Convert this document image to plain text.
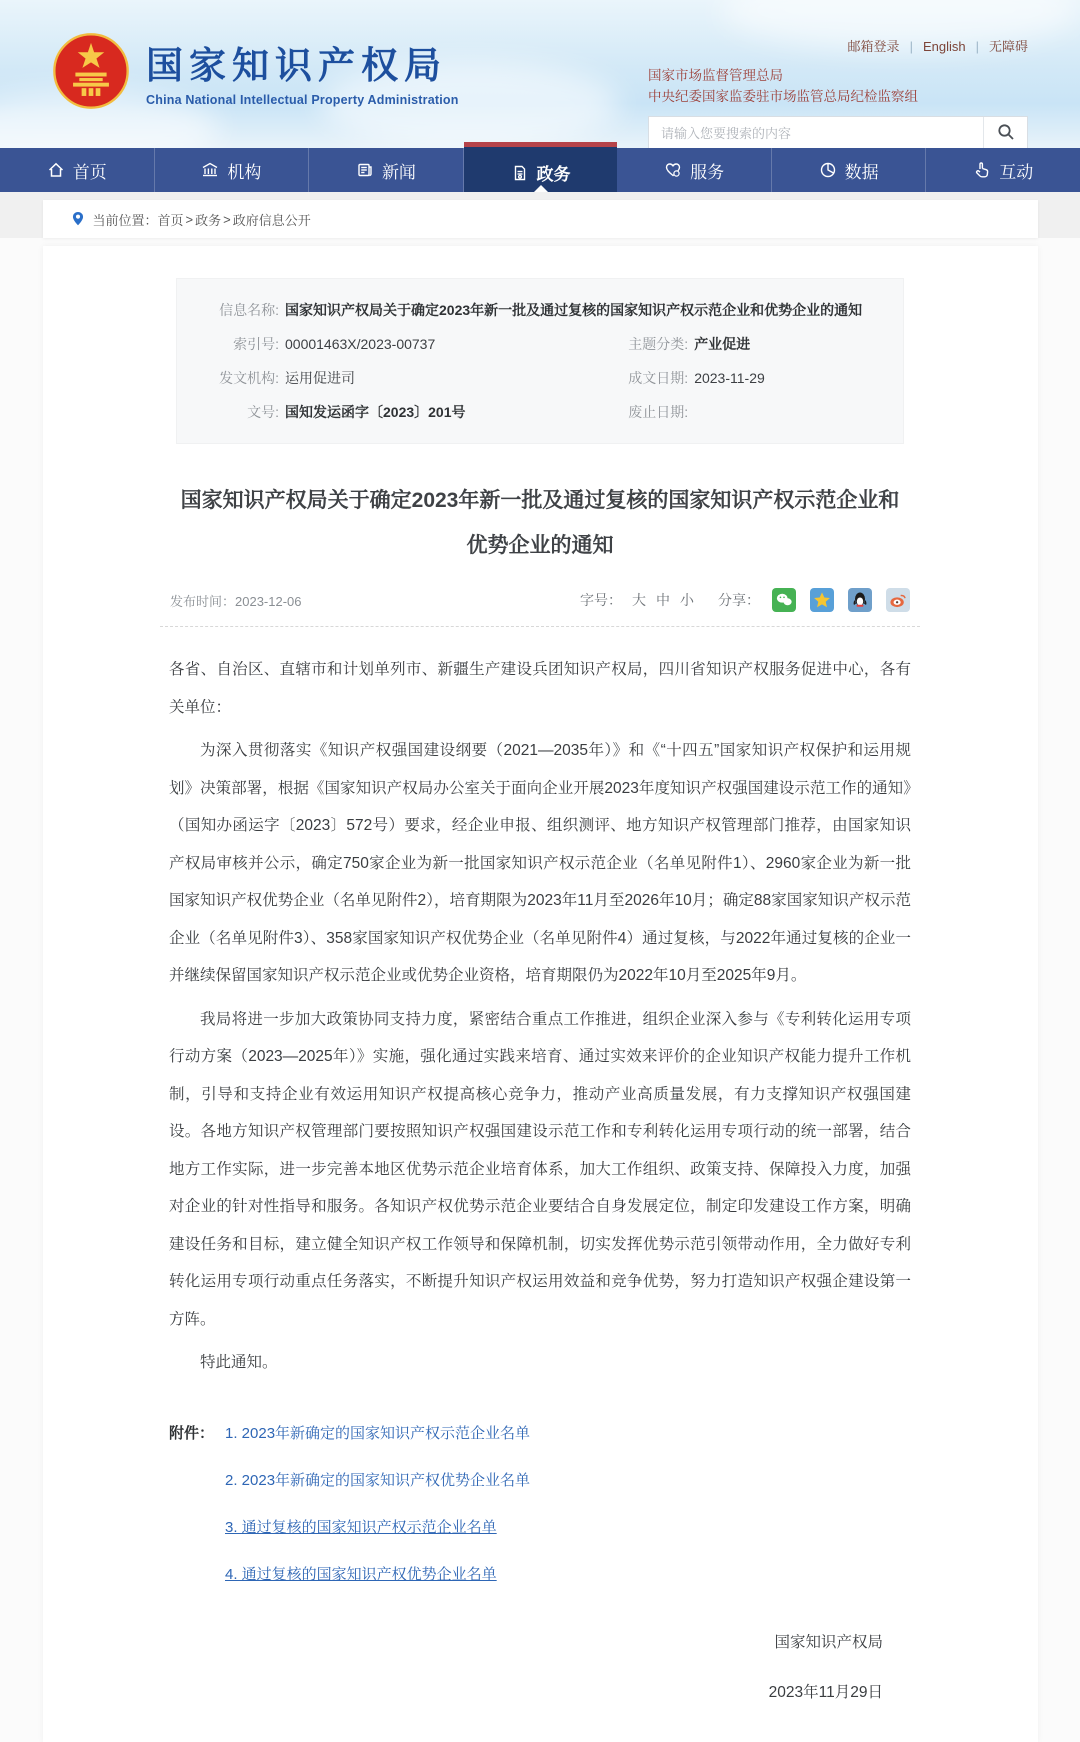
国家知识产权局
China National Intellectual Property Administration
邮箱登录 | English | 无障碍
国家市场监督管理总局
中央纪委国家监委驻市场监管总局纪检监察组
请输入您要搜索的内容
首页	机构	新闻	政务	服务	数据	互动
当前位置： 首页 > 政务 > 政府信息公开
信息名称: 国家知识产权局关于确定2023年新一批及通过复核的国家知识产权示范企业和优势企业的通知
索引号: 00001463X/2023-00737	主题分类: 产业促进
发文机构: 运用促进司	成文日期: 2023-11-29
文号: 国知发运函字〔2023〕201号	废止日期:
国家知识产权局关于确定2023年新一批及通过复核的国家知识产权示范企业和优势企业的通知
发布时间：2023-12-06	字号： 大 中 小 分享：

各省、自治区、直辖市和计划单列市、新疆生产建设兵团知识产权局，四川省知识产权服务促进中心，各有关单位：

为深入贯彻落实《知识产权强国建设纲要（2021—2035年）》和《“十四五”国家知识产权保护和运用规划》决策部署，根据《国家知识产权局办公室关于面向企业开展2023年度知识产权强国建设示范工作的通知》（国知办函运字〔2023〕572号）要求，经企业申报、组织测评、地方知识产权管理部门推荐，由国家知识产权局审核并公示，确定750家企业为新一批国家知识产权示范企业（名单见附件1）、2960家企业为新一批国家知识产权优势企业（名单见附件2），培育期限为2023年11月至2026年10月；确定88家国家知识产权示范企业（名单见附件3）、358家国家知识产权优势企业（名单见附件4）通过复核，与2022年通过复核的企业一并继续保留国家知识产权示范企业或优势企业资格，培育期限仍为2022年10月至2025年9月。

我局将进一步加大政策协同支持力度，紧密结合重点工作推进，组织企业深入参与《专利转化运用专项行动方案（2023—2025年）》实施，强化通过实践来培育、通过实效来评价的企业知识产权能力提升工作机制，引导和支持企业有效运用知识产权提高核心竞争力，推动产业高质量发展，有力支撑知识产权强国建设。各地方知识产权管理部门要按照知识产权强国建设示范工作和专利转化运用专项行动的统一部署，结合地方工作实际，进一步完善本地区优势示范企业培育体系，加大工作组织、政策支持、保障投入力度，加强对企业的针对性指导和服务。各知识产权优势示范企业要结合自身发展定位，制定印发建设工作方案，明确建设任务和目标，建立健全知识产权工作领导和保障机制，切实发挥优势示范引领带动作用，全力做好专利转化运用专项行动重点任务落实，不断提升知识产权运用效益和竞争优势，努力打造知识产权强企建设第一方阵。

特此通知。

附件： 1. 2023年新确定的国家知识产权示范企业名单
2. 2023年新确定的国家知识产权优势企业名单
3. 通过复核的国家知识产权示范企业名单
4. 通过复核的国家知识产权优势企业名单
国家知识产权局
2023年11月29日
